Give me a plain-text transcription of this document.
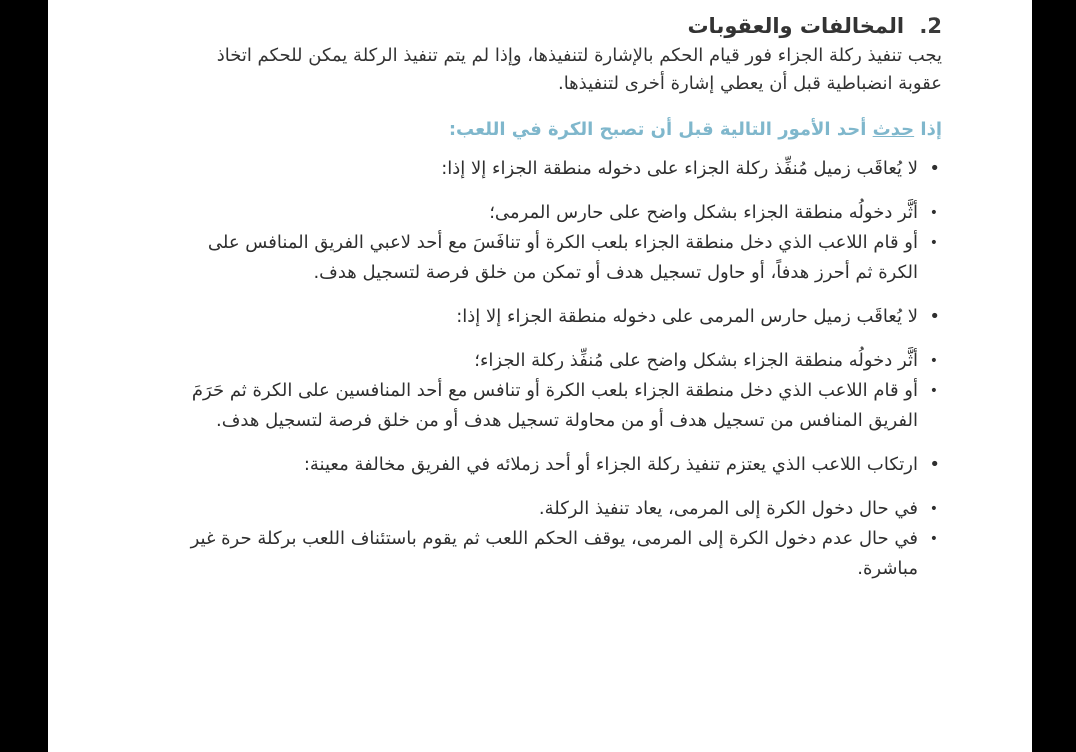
2. المخالفات والعقوبات

يجب تنفيذ ركلة الجزاء فور قيام الحكم بالإشارة لتنفيذها، وإذا لم يتم تنفيذ الركلة يمكن للحكم اتخاذ عقوبة انضباطية قبل أن يعطي إشارة أخرى لتنفيذها.

إذا حدث أحد الأمور التالية قبل أن تصبح الكرة في اللعب:
•
لا يُعاقَب زميل مُنفِّذ ركلة الجزاء على دخوله منطقة الجزاء إلا إذا:
•
أثَّر دخولُه منطقة الجزاء بشكل واضح على حارس المرمى؛
•
أو قام اللاعب الذي دخل منطقة الجزاء بلعب الكرة أو تنافَسَ مع أحد لاعبي الفريق المنافس على الكرة ثم أحرز هدفاً، أو حاول تسجيل هدف أو تمكن من خلق فرصة لتسجيل هدف.
•
لا يُعاقَب زميل حارس المرمى على دخوله منطقة الجزاء إلا إذا:
•
أثَّر دخولُه منطقة الجزاء بشكل واضح على مُنفِّذ ركلة الجزاء؛
•
أو قام اللاعب الذي دخل منطقة الجزاء بلعب الكرة أو تنافس مع أحد المنافسين على الكرة ثم حَرَمَ الفريق المنافس من تسجيل هدف أو من محاولة تسجيل هدف أو من خلق فرصة لتسجيل هدف.
•
ارتكاب اللاعب الذي يعتزم تنفيذ ركلة الجزاء أو أحد زملائه في الفريق مخالفة معينة:
•
في حال دخول الكرة إلى المرمى، يعاد تنفيذ الركلة.
•
في حال عدم دخول الكرة إلى المرمى، يوقف الحكم اللعب ثم يقوم باستئناف اللعب بركلة حرة غير مباشرة.
